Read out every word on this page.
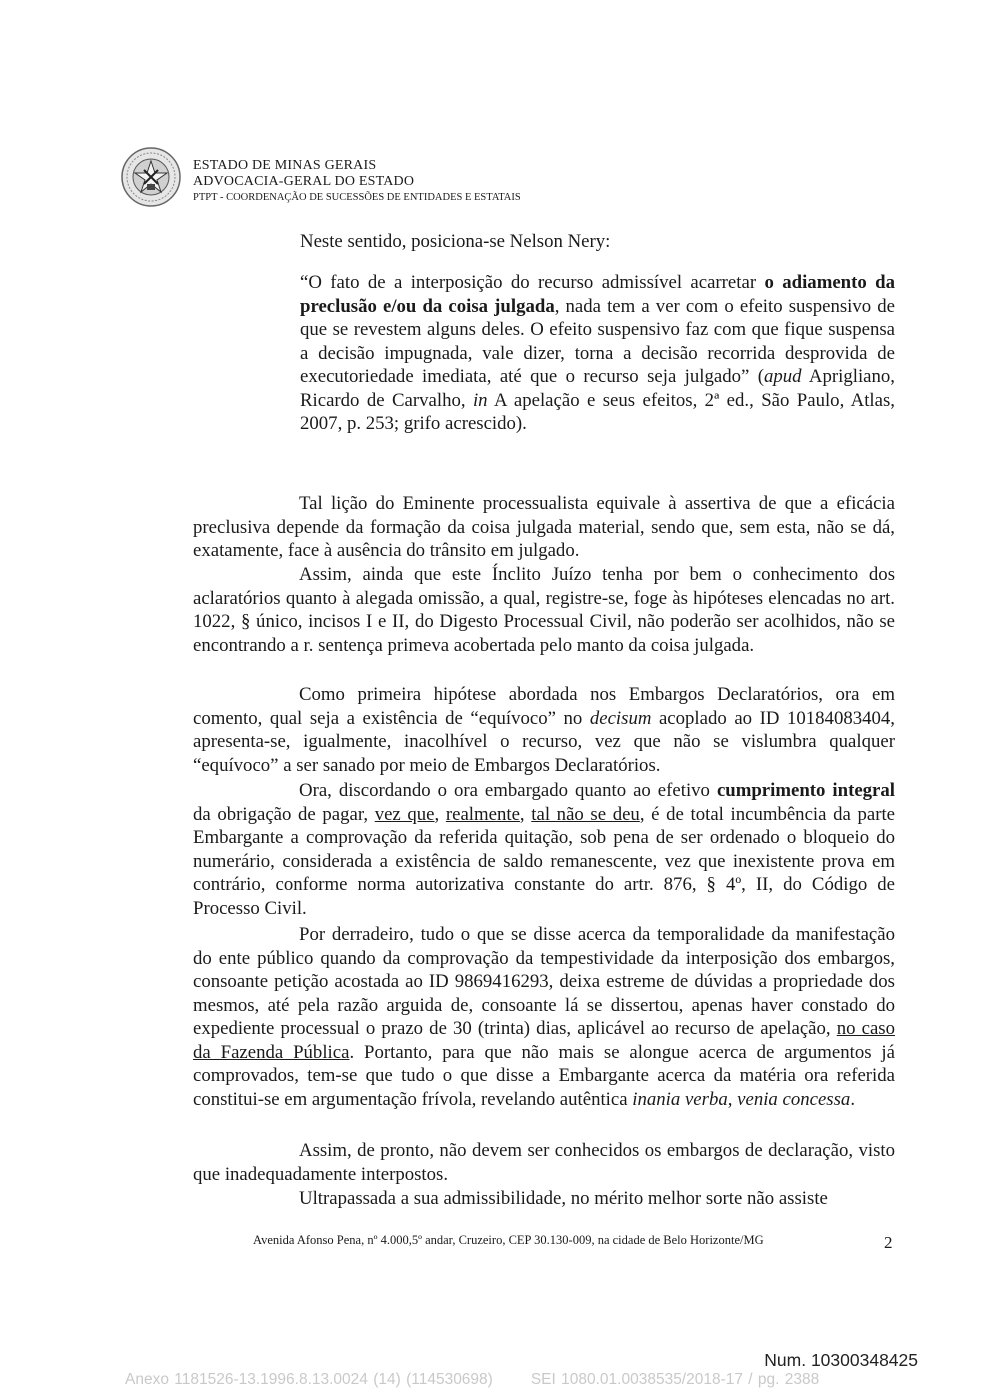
ESTADO DE MINAS GERAIS
ADVOCACIA-GERAL DO ESTADO
PTPT - COORDENAÇÃO DE SUCESSÕES DE ENTIDADES E ESTATAIS

Neste sentido, posiciona-se Nelson Nery:

“O fato de a interposição do recurso admissível acarretar o adiamento da preclusão e/ou da coisa julgada, nada tem a ver com o efeito suspensivo de que se revestem alguns deles. O efeito suspensivo faz com que fique suspensa a decisão impugnada, vale dizer, torna a decisão recorrida desprovida de executoriedade imediata, até que o recurso seja julgado” (apud Aprigliano, Ricardo de Carvalho, in A apelação e seus efeitos, 2ª ed., São Paulo, Atlas, 2007, p. 253; grifo acrescido).

Tal lição do Eminente processualista equivale à assertiva de que a eficácia preclusiva depende da formação da coisa julgada material, sendo que, sem esta, não se dá, exatamente, face à ausência do trânsito em julgado.

Assim, ainda que este Ínclito Juízo tenha por bem o conhecimento dos aclaratórios quanto à alegada omissão, a qual, registre-se, foge às hipóteses elencadas no art. 1022, § único, incisos I e II, do Digesto Processual Civil, não poderão ser acolhidos, não se encontrando a r. sentença primeva acobertada pelo manto da coisa julgada.

Como primeira hipótese abordada nos Embargos Declaratórios, ora em comento, qual seja a existência de “equívoco” no decisum acoplado ao ID 10184083404, apresenta-se, igualmente, inacolhível o recurso, vez que não se vislumbra qualquer “equívoco” a ser sanado por meio de Embargos Declaratórios.

Ora, discordando o ora embargado quanto ao efetivo cumprimento integral da obrigação de pagar, vez que, realmente, tal não se deu, é de total incumbência da parte Embargante a comprovação da referida quitação, sob pena de ser ordenado o bloqueio do numerário, considerada a existência de saldo remanescente, vez que inexistente prova em contrário, conforme norma autorizativa constante do artr. 876, § 4º, II, do Código de Processo Civil.

Por derradeiro, tudo o que se disse acerca da temporalidade da manifestação do ente público quando da comprovação da tempestividade da interposição dos embargos, consoante petição acostada ao ID 9869416293, deixa estreme de dúvidas a propriedade dos mesmos, até pela razão arguida de, consoante lá se dissertou, apenas haver constado do expediente processual o prazo de 30 (trinta) dias, aplicável ao recurso de apelação, no caso da Fazenda Pública. Portanto, para que não mais se alongue acerca de argumentos já comprovados, tem-se que tudo o que disse a Embargante acerca da matéria ora referida constitui-se em argumentação frívola, revelando autêntica inania verba, venia concessa.

Assim, de pronto, não devem ser conhecidos os embargos de declaração, visto que inadequadamente interpostos.

Ultrapassada a sua admissibilidade, no mérito melhor sorte não assiste

Avenida Afonso Pena, nº 4.000,5º andar, Cruzeiro, CEP 30.130-009, na cidade de Belo Horizonte/MG	2
Num. 10300348425
Anexo 1181526-13.1996.8.13.0024 (14) (114530698) SEI 1080.01.0038535/2018-17 / pg. 2388
